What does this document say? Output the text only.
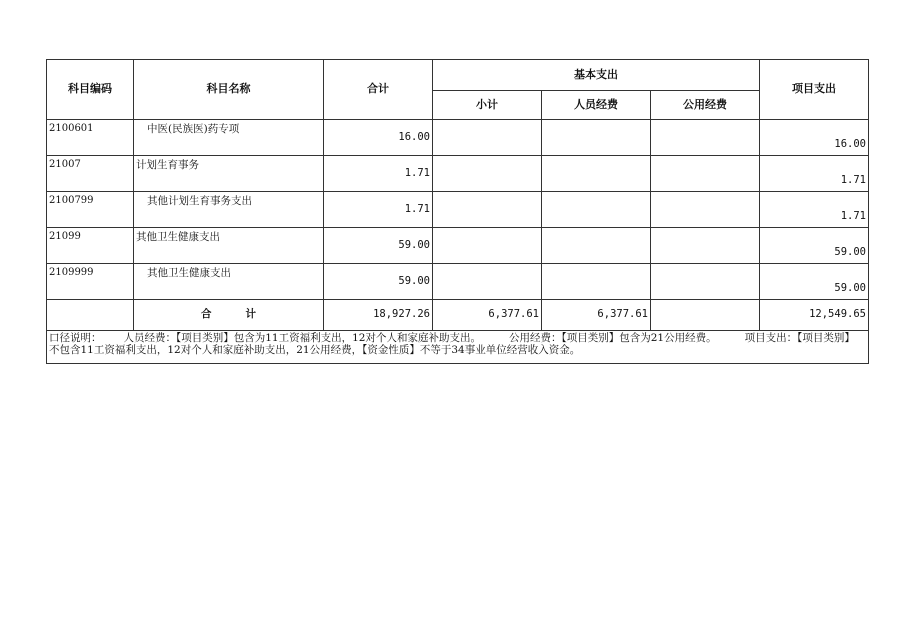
科目编码	科目名称	合计	基本支出			项目支出
			小计	人员经费	公用经费	
2100601	中医(民族医)药专项	16.00				16.00
21007	计划生育事务	1.71				1.71
2100799	其他计划生育事务支出	1.71				1.71
21099	其他卫生健康支出	59.00				59.00
2109999	其他卫生健康支出	59.00				59.00
	合 计	18,927.26	6,377.61	6,377.61		12,549.65

口径说明： 人员经费：【项目类别】包含为11工资福利支出，12对个人和家庭补助支出。 公用经费：【项目类别】包含为21公用经费。 项目支出：【项目类别】
不包含11工资福利支出，12对个人和家庭补助支出，21公用经费，【资金性质】不等于34事业单位经营收入资金。						
